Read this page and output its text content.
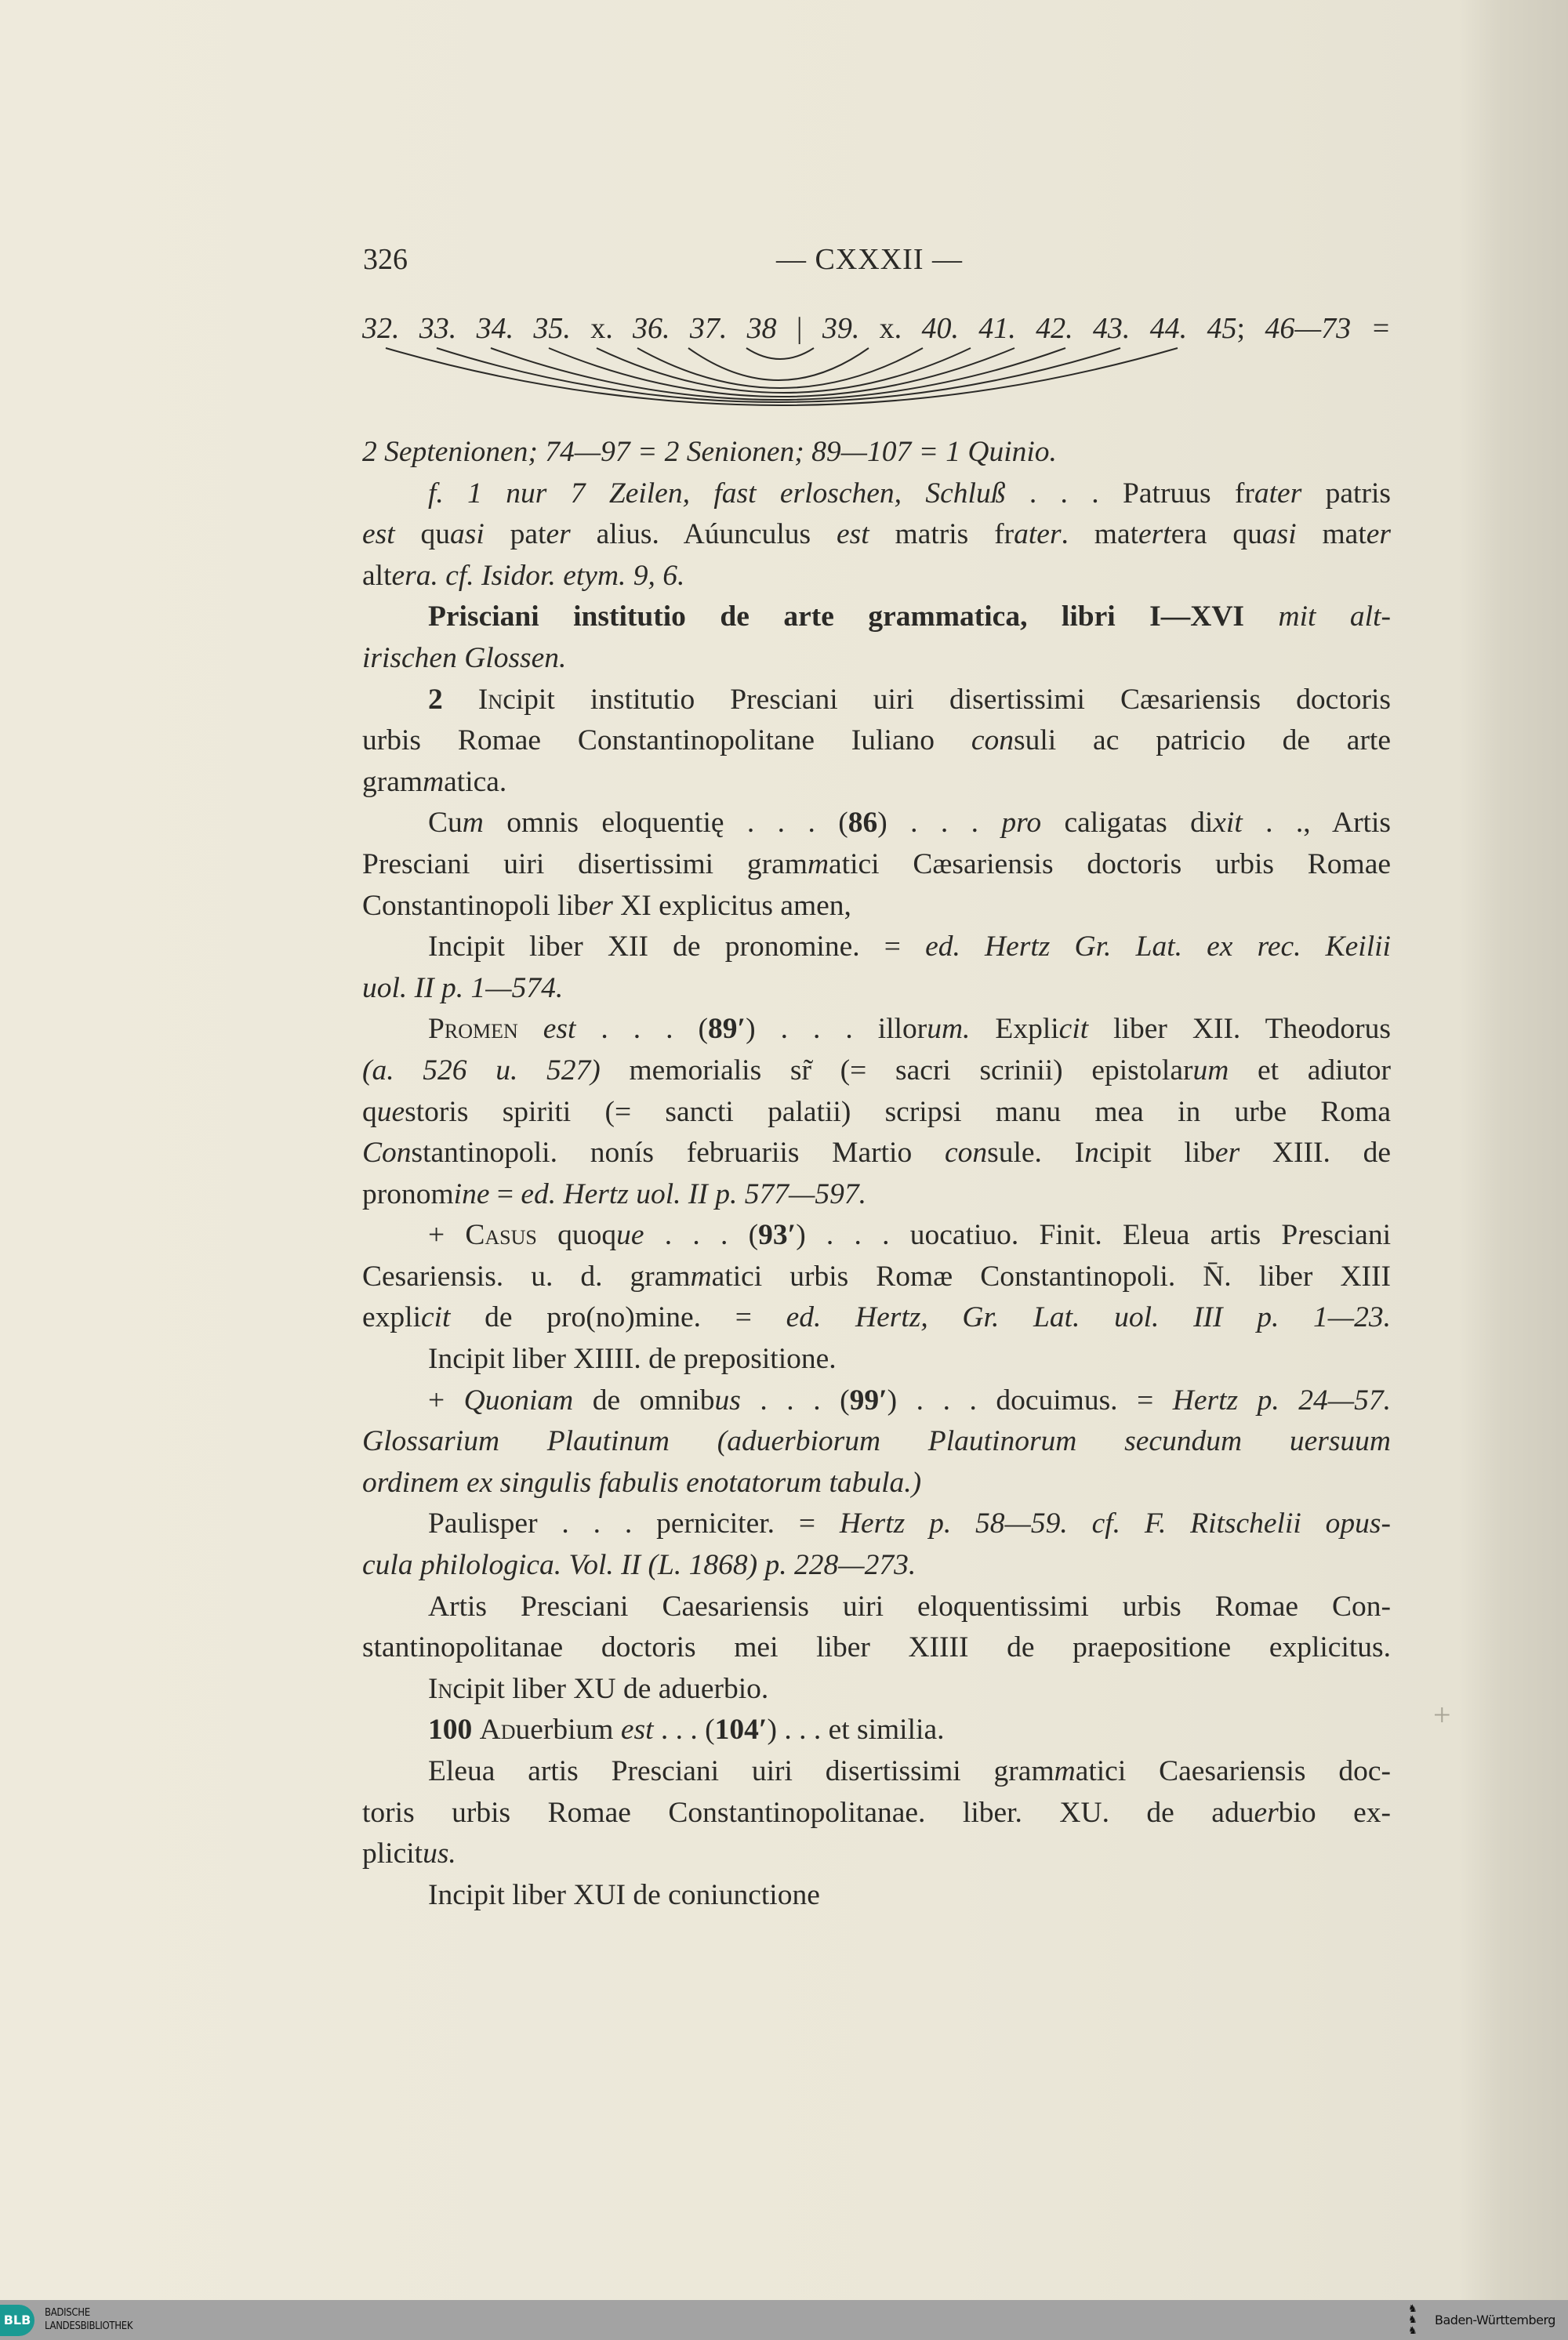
326	— CXXXII —
32. 33. 34. 35. x. 36. 37. 38 | 39. x. 40. 41. 42. 43. 44. 45; 46—73 =
2 Septenionen; 74—97 = 2 Senionen; 89—107 = 1 Quinio.
f. 1 nur 7 Zeilen, fast erloschen, Schluß . . . Patruus frater patris
est quasi pater alius. Aúunculus est matris frater. matertera quasi mater
altera. cf. Isidor. etym. 9, 6.
Prisciani institutio de arte grammatica, libri I—XVI mit alt-
irischen Glossen.
2 Incipit institutio Presciani uiri disertissimi Cæsariensis doctoris
urbis Romae Constantinopolitane Iuliano consuli ac patricio de arte
grammatica.
Cum omnis eloquentię . . . (86) . . . pro caligatas dixit . ., Artis
Presciani uiri disertissimi grammatici Cæsariensis doctoris urbis Romae
Constantinopoli liber XI explicitus amen,
Incipit liber XII de pronomine. = ed. Hertz Gr. Lat. ex rec. Keilii
uol. II p. 1—574.
Promen est . . . (89′) . . . illorum. Explicit liber XII. Theodorus
(a. 526 u. 527) memorialis sr̃ (= sacri scrinii) epistolarum et adiutor
questoris spiriti (= sancti palatii) scripsi manu mea in urbe Roma
Constantinopoli. nonís februariis Martio consule. Incipit liber XIII. de
pronomine = ed. Hertz uol. II p. 577—597.
+ Casus quoque . . . (93′) . . . uocatiuo. Finit. Eleua artis Presciani
Cesariensis. u. d. grammatici urbis Romæ Constantinopoli. N̄. liber XIII
explicit de pro(no)mine. = ed. Hertz, Gr. Lat. uol. III p. 1—23.
Incipit liber XIIII. de prepositione.
+ Quoniam de omnibus . . . (99′) . . . docuimus. = Hertz p. 24—57.
Glossarium Plautinum (aduerbiorum Plautinorum secundum uersuum
ordinem ex singulis fabulis enotatorum tabula.)
Paulisper . . . perniciter. = Hertz p. 58—59. cf. F. Ritschelii opus-
cula philologica. Vol. II (L. 1868) p. 228—273.
Artis Presciani Caesariensis uiri eloquentissimi urbis Romae Con-
stantinopolitanae doctoris mei liber XIIII de praepositione explicitus.
Incipit liber XU de aduerbio.
100 Aduerbium est . . . (104′) . . . et similia.
Eleua artis Presciani uiri disertissimi grammatici Caesariensis doc-
toris urbis Romae Constantinopolitanae. liber. XU. de aduerbio ex-
plicitus.
Incipit liber XUI de coniunctione
+
BLB	BADISCHE
LANDESBIBLIOTHEK
♞
♞
♞
Baden-Württemberg
